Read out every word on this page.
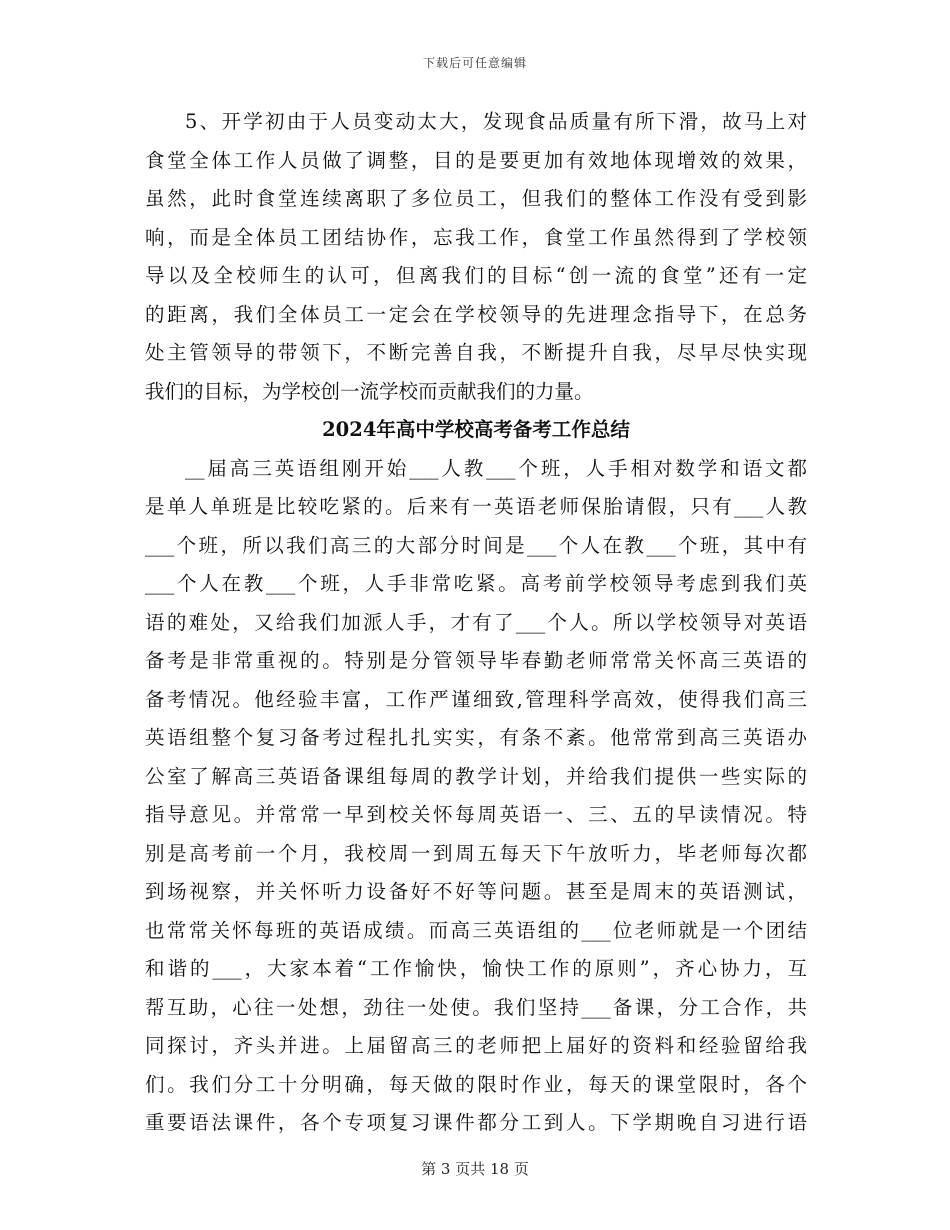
下载后可任意编辑
5、开学初由于人员变动太大，发现食品质量有所下滑，故马上对
食堂全体工作人员做了调整，目的是要更加有效地体现增效的效果，
虽然，此时食堂连续离职了多位员工，但我们的整体工作没有受到影
响，而是全体员工团结协作，忘我工作，食堂工作虽然得到了学校领
导以及全校师生的认可，但离我们的目标“创一流的食堂”还有一定
的距离，我们全体员工一定会在学校领导的先进理念指导下，在总务
处主管领导的带领下，不断完善自我，不断提升自我，尽早尽快实现
我们的目标，为学校创一流学校而贡献我们的力量。
2024年高中学校高考备考工作总结
__届高三英语组刚开始___人教___个班，人手相对数学和语文都
是单人单班是比较吃紧的。后来有一英语老师保胎请假，只有___人教
___个班，所以我们高三的大部分时间是___个人在教___个班，其中有
___个人在教___个班，人手非常吃紧。高考前学校领导考虑到我们英
语的难处，又给我们加派人手，才有了___个人。所以学校领导对英语
备考是非常重视的。特别是分管领导毕春勤老师常常关怀高三英语的
备考情况。他经验丰富，工作严谨细致,管理科学高效，使得我们高三
英语组整个复习备考过程扎扎实实，有条不紊。他常常到高三英语办
公室了解高三英语备课组每周的教学计划，并给我们提供一些实际的
指导意见。并常常一早到校关怀每周英语一、三、五的早读情况。特
别是高考前一个月，我校周一到周五每天下午放听力，毕老师每次都
到场视察，并关怀听力设备好不好等问题。甚至是周末的英语测试，
也常常关怀每班的英语成绩。而高三英语组的___位老师就是一个团结
和谐的___，大家本着“工作愉快，愉快工作的原则”，齐心协力，互
帮互助，心往一处想，劲往一处使。我们坚持___备课，分工合作，共
同探讨，齐头并进。上届留高三的老师把上届好的资料和经验留给我
们。我们分工十分明确，每天做的限时作业，每天的课堂限时，各个
重要语法课件，各个专项复习课件都分工到人。下学期晚自习进行语
第 3 页共 18 页
